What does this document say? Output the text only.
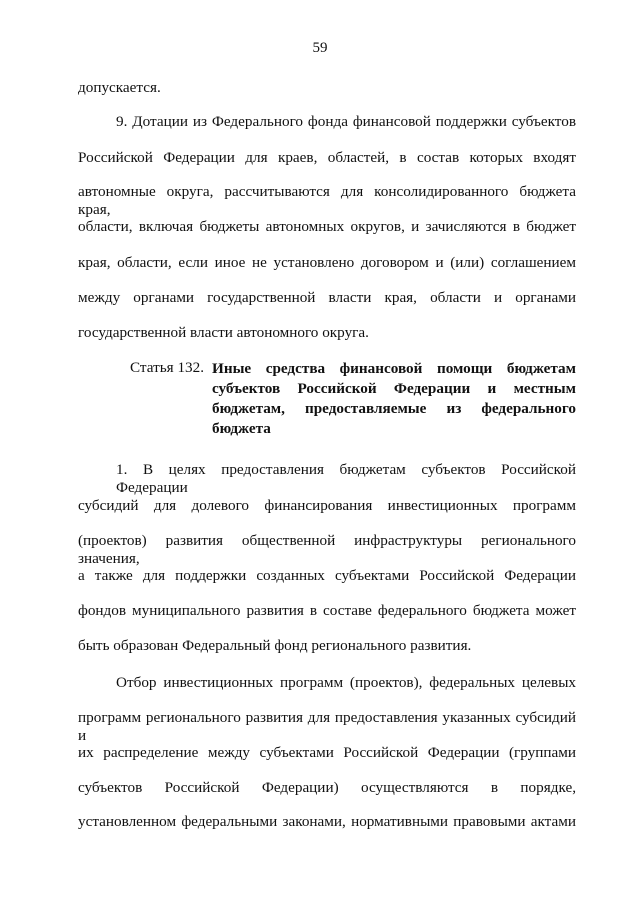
59
допускается.
9. Дотации из Федерального фонда финансовой поддержки субъектов
Российской Федерации для краев, областей, в состав которых входят
автономные округа, рассчитываются для консолидированного бюджета края,
области, включая бюджеты автономных округов, и зачисляются в бюджет
края, области, если иное не установлено договором и (или) соглашением
между органами государственной власти края, области и органами
государственной власти автономного округа.
Статья 132. Иные средства финансовой помощи бюджетам
субъектов Российской Федерации и местным
бюджетам, предоставляемые из федерального
бюджета
1. В целях предоставления бюджетам субъектов Российской Федерации
субсидий для долевого финансирования инвестиционных программ
(проектов) развития общественной инфраструктуры регионального значения,
а также для поддержки созданных субъектами Российской Федерации
фондов муниципального развития в составе федерального бюджета может
быть образован Федеральный фонд регионального развития.
Отбор инвестиционных программ (проектов), федеральных целевых
программ регионального развития для предоставления указанных субсидий и
их распределение между субъектами Российской Федерации (группами
субъектов Российской Федерации) осуществляются в порядке,
установленном федеральными законами, нормативными правовыми актами
